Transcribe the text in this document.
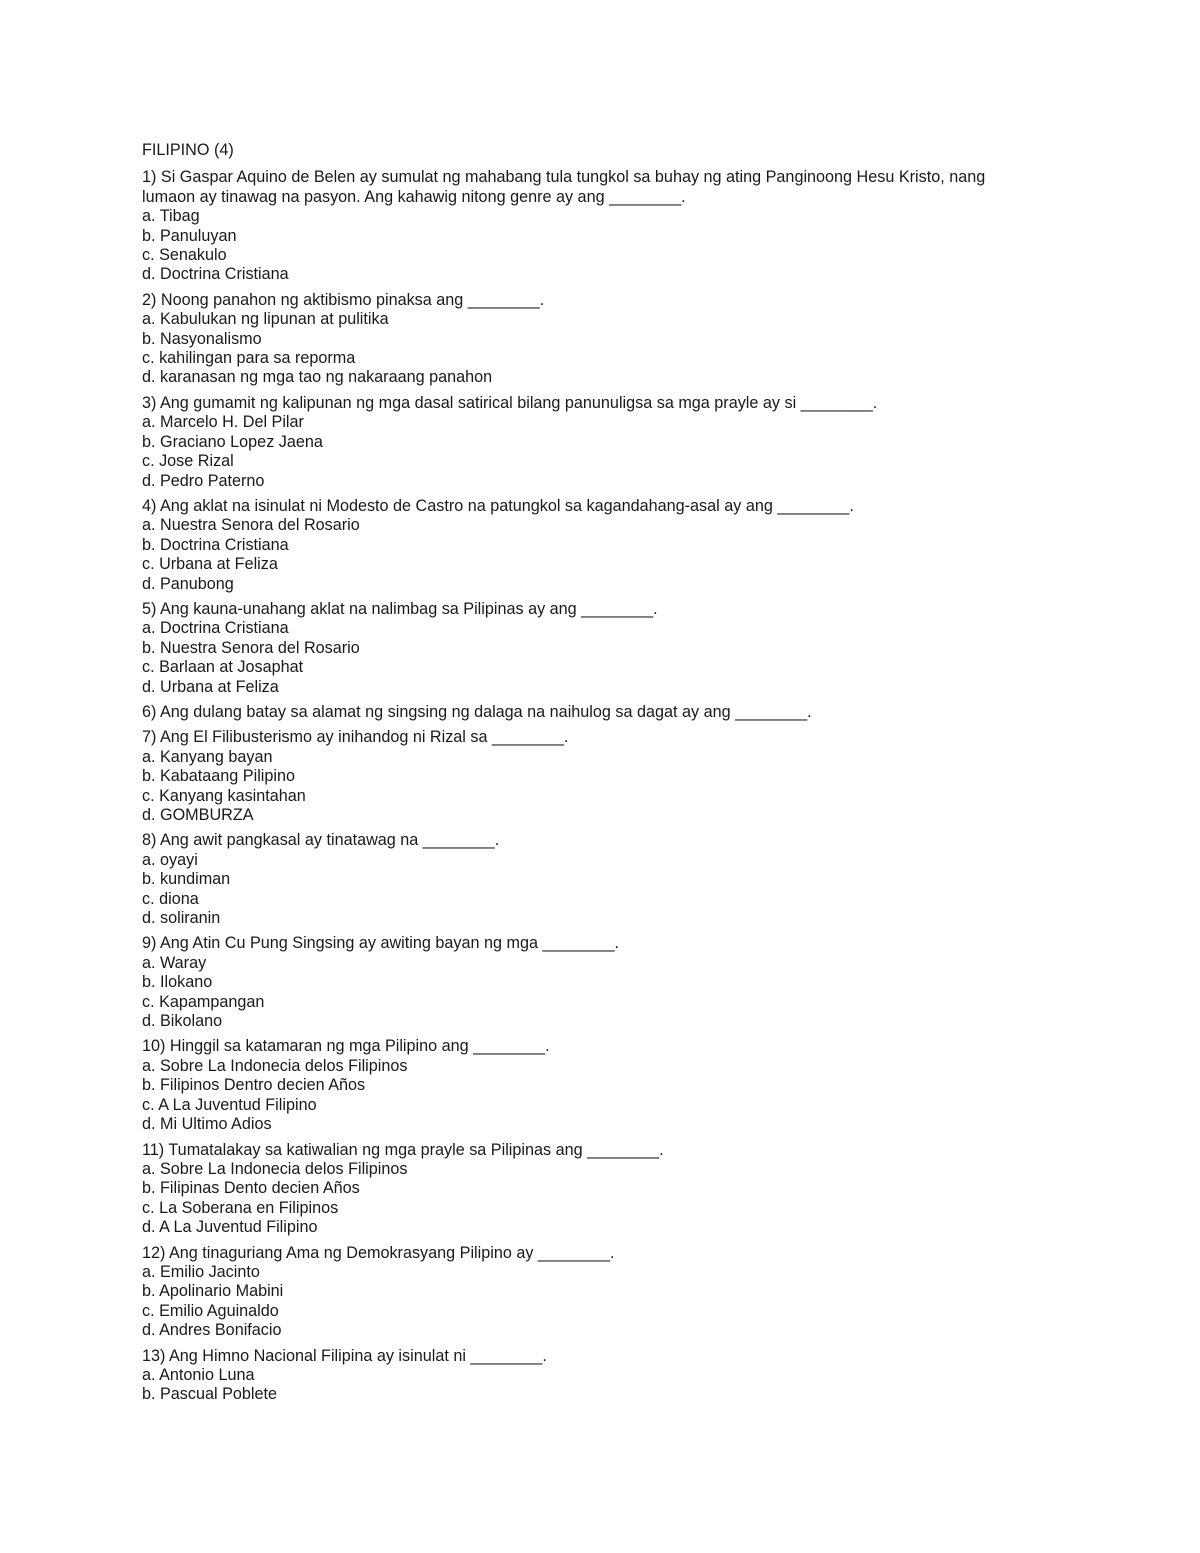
FILIPINO (4)
1) Si Gaspar Aquino de Belen ay sumulat ng mahabang tula tungkol sa buhay ng ating Panginoong Hesu Kristo, nang lumaon ay tinawag na pasyon. Ang kahawig nitong genre ay ang ________.
a. Tibag
b. Panuluyan
c. Senakulo
d. Doctrina Cristiana
2) Noong panahon ng aktibismo pinaksa ang ________.
a. Kabulukan ng lipunan at pulitika
b. Nasyonalismo
c. kahilingan para sa reporma
d. karanasan ng mga tao ng nakaraang panahon
3) Ang gumamit ng kalipunan ng mga dasal satirical bilang panunuligsa sa mga prayle ay si ________.
a. Marcelo H. Del Pilar
b. Graciano Lopez Jaena
c. Jose Rizal
d. Pedro Paterno
4) Ang aklat na isinulat ni Modesto de Castro na patungkol sa kagandahang-asal ay ang ________.
a. Nuestra Senora del Rosario
b. Doctrina Cristiana
c. Urbana at Feliza
d. Panubong
5) Ang kauna-unahang aklat na nalimbag sa Pilipinas ay ang ________.
a. Doctrina Cristiana
b. Nuestra Senora del Rosario
c. Barlaan at Josaphat
d. Urbana at Feliza
6) Ang dulang batay sa alamat ng singsing ng dalaga na naihulog sa dagat ay ang ________.
7) Ang El Filibusterismo ay inihandog ni Rizal sa ________.
a. Kanyang bayan
b. Kabataang Pilipino
c. Kanyang kasintahan
d. GOMBURZA
8) Ang awit pangkasal ay tinatawag na ________.
a. oyayi
b. kundiman
c. diona
d. soliranin
9) Ang Atin Cu Pung Singsing ay awiting bayan ng mga ________.
a. Waray
b. Ilokano
c. Kapampangan
d. Bikolano
10) Hinggil sa katamaran ng mga Pilipino ang ________.
a. Sobre La Indonecia delos Filipinos
b. Filipinos Dentro decien Años
c. A La Juventud Filipino
d. Mi Ultimo Adios
11) Tumatalakay sa katiwalian ng mga prayle sa Pilipinas ang ________.
a. Sobre La Indonecia delos Filipinos
b. Filipinas Dento decien Años
c. La Soberana en Filipinos
d. A La Juventud Filipino
12) Ang tinaguriang Ama ng Demokrasyang Pilipino ay ________.
a. Emilio Jacinto
b. Apolinario Mabini
c. Emilio Aguinaldo
d. Andres Bonifacio
13) Ang Himno Nacional Filipina ay isinulat ni ________.
a. Antonio Luna
b. Pascual Poblete
